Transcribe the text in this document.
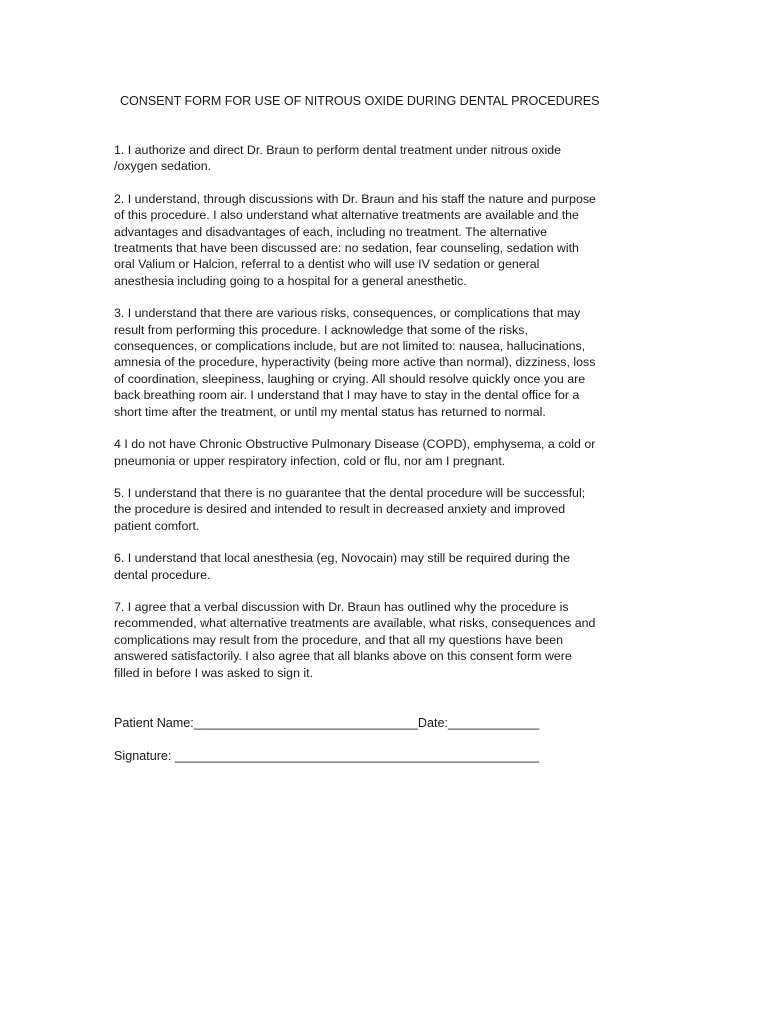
CONSENT FORM FOR USE OF NITROUS OXIDE DURING DENTAL PROCEDURES

1. I authorize and direct Dr. Braun to perform dental treatment under nitrous oxide
/oxygen sedation.

2. I understand, through discussions with Dr. Braun and his staff the nature and purpose
of this procedure. I also understand what alternative treatments are available and the
advantages and disadvantages of each, including no treatment. The alternative
treatments that have been discussed are: no sedation, fear counseling, sedation with
oral Valium or Halcion, referral to a dentist who will use IV sedation or general
anesthesia including going to a hospital for a general anesthetic.

3. I understand that there are various risks, consequences, or complications that may
result from performing this procedure. I acknowledge that some of the risks,
consequences, or complications include, but are not limited to: nausea, hallucinations,
amnesia of the procedure, hyperactivity (being more active than normal), dizziness, loss
of coordination, sleepiness, laughing or crying. All should resolve quickly once you are
back breathing room air. I understand that I may have to stay in the dental office for a
short time after the treatment, or until my mental status has returned to normal.

4 I do not have Chronic Obstructive Pulmonary Disease (COPD), emphysema, a cold or
pneumonia or upper respiratory infection, cold or flu, nor am I pregnant.

5. I understand that there is no guarantee that the dental procedure will be successful;
the procedure is desired and intended to result in decreased anxiety and improved
patient comfort.

6. I understand that local anesthesia (eg, Novocain) may still be required during the
dental procedure.

7. I agree that a verbal discussion with Dr. Braun has outlined why the procedure is
recommended, what alternative treatments are available, what risks, consequences and
complications may result from the procedure, and that all my questions have been
answered satisfactorily. I also agree that all blanks above on this consent form were
filled in before I was asked to sign it.

Patient Name:________________________________Date:_____________
Signature: ____________________________________________________
